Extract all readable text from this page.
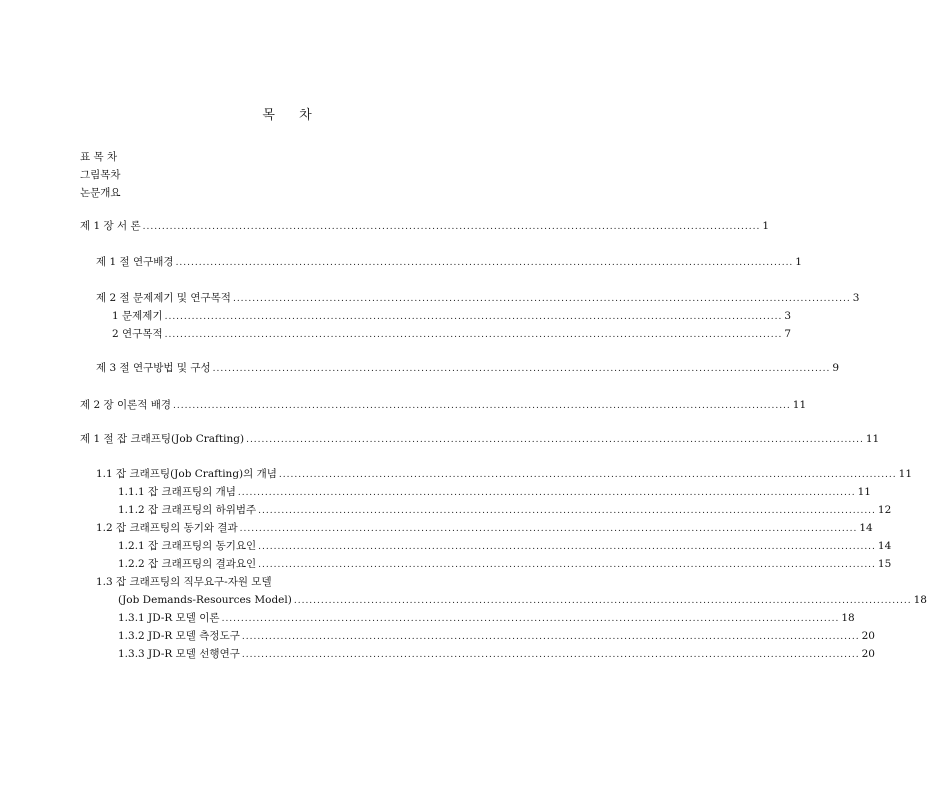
목 차
표 목 차
그림목차
논문개요
제 1 장 서 론 ................................................................................................................................................................ 1
제 1 절 연구배경 ................................................................................................................................................................ 1
제 2 절 문제제기 및 연구목적 ................................................................................................................................................................ 3
1 문제제기 ................................................................................................................................................................ 3
2 연구목적 ................................................................................................................................................................ 7
제 3 절 연구방법 및 구성 ................................................................................................................................................................ 9
제 2 장 이론적 배경 ................................................................................................................................................................ 11
제 1 절 잡 크래프팅(Job Crafting) ................................................................................................................................................................ 11
1.1 잡 크래프팅(Job Crafting)의 개념 ................................................................................................................................................................ 11
1.1.1 잡 크래프팅의 개념 ................................................................................................................................................................ 11
1.1.2 잡 크래프팅의 하위범주 ................................................................................................................................................................ 12
1.2 잡 크래프팅의 동기와 결과 ................................................................................................................................................................ 14
1.2.1 잡 크래프팅의 동기요인 ................................................................................................................................................................ 14
1.2.2 잡 크래프팅의 결과요인 ................................................................................................................................................................ 15
1.3 잡 크래프팅의 직무요구-자원 모델
(Job Demands-Resources Model) ................................................................................................................................................................ 18
1.3.1 JD-R 모델 이론 ................................................................................................................................................................ 18
1.3.2 JD-R 모델 측정도구 ................................................................................................................................................................ 20
1.3.3 JD-R 모델 선행연구 ................................................................................................................................................................ 20
